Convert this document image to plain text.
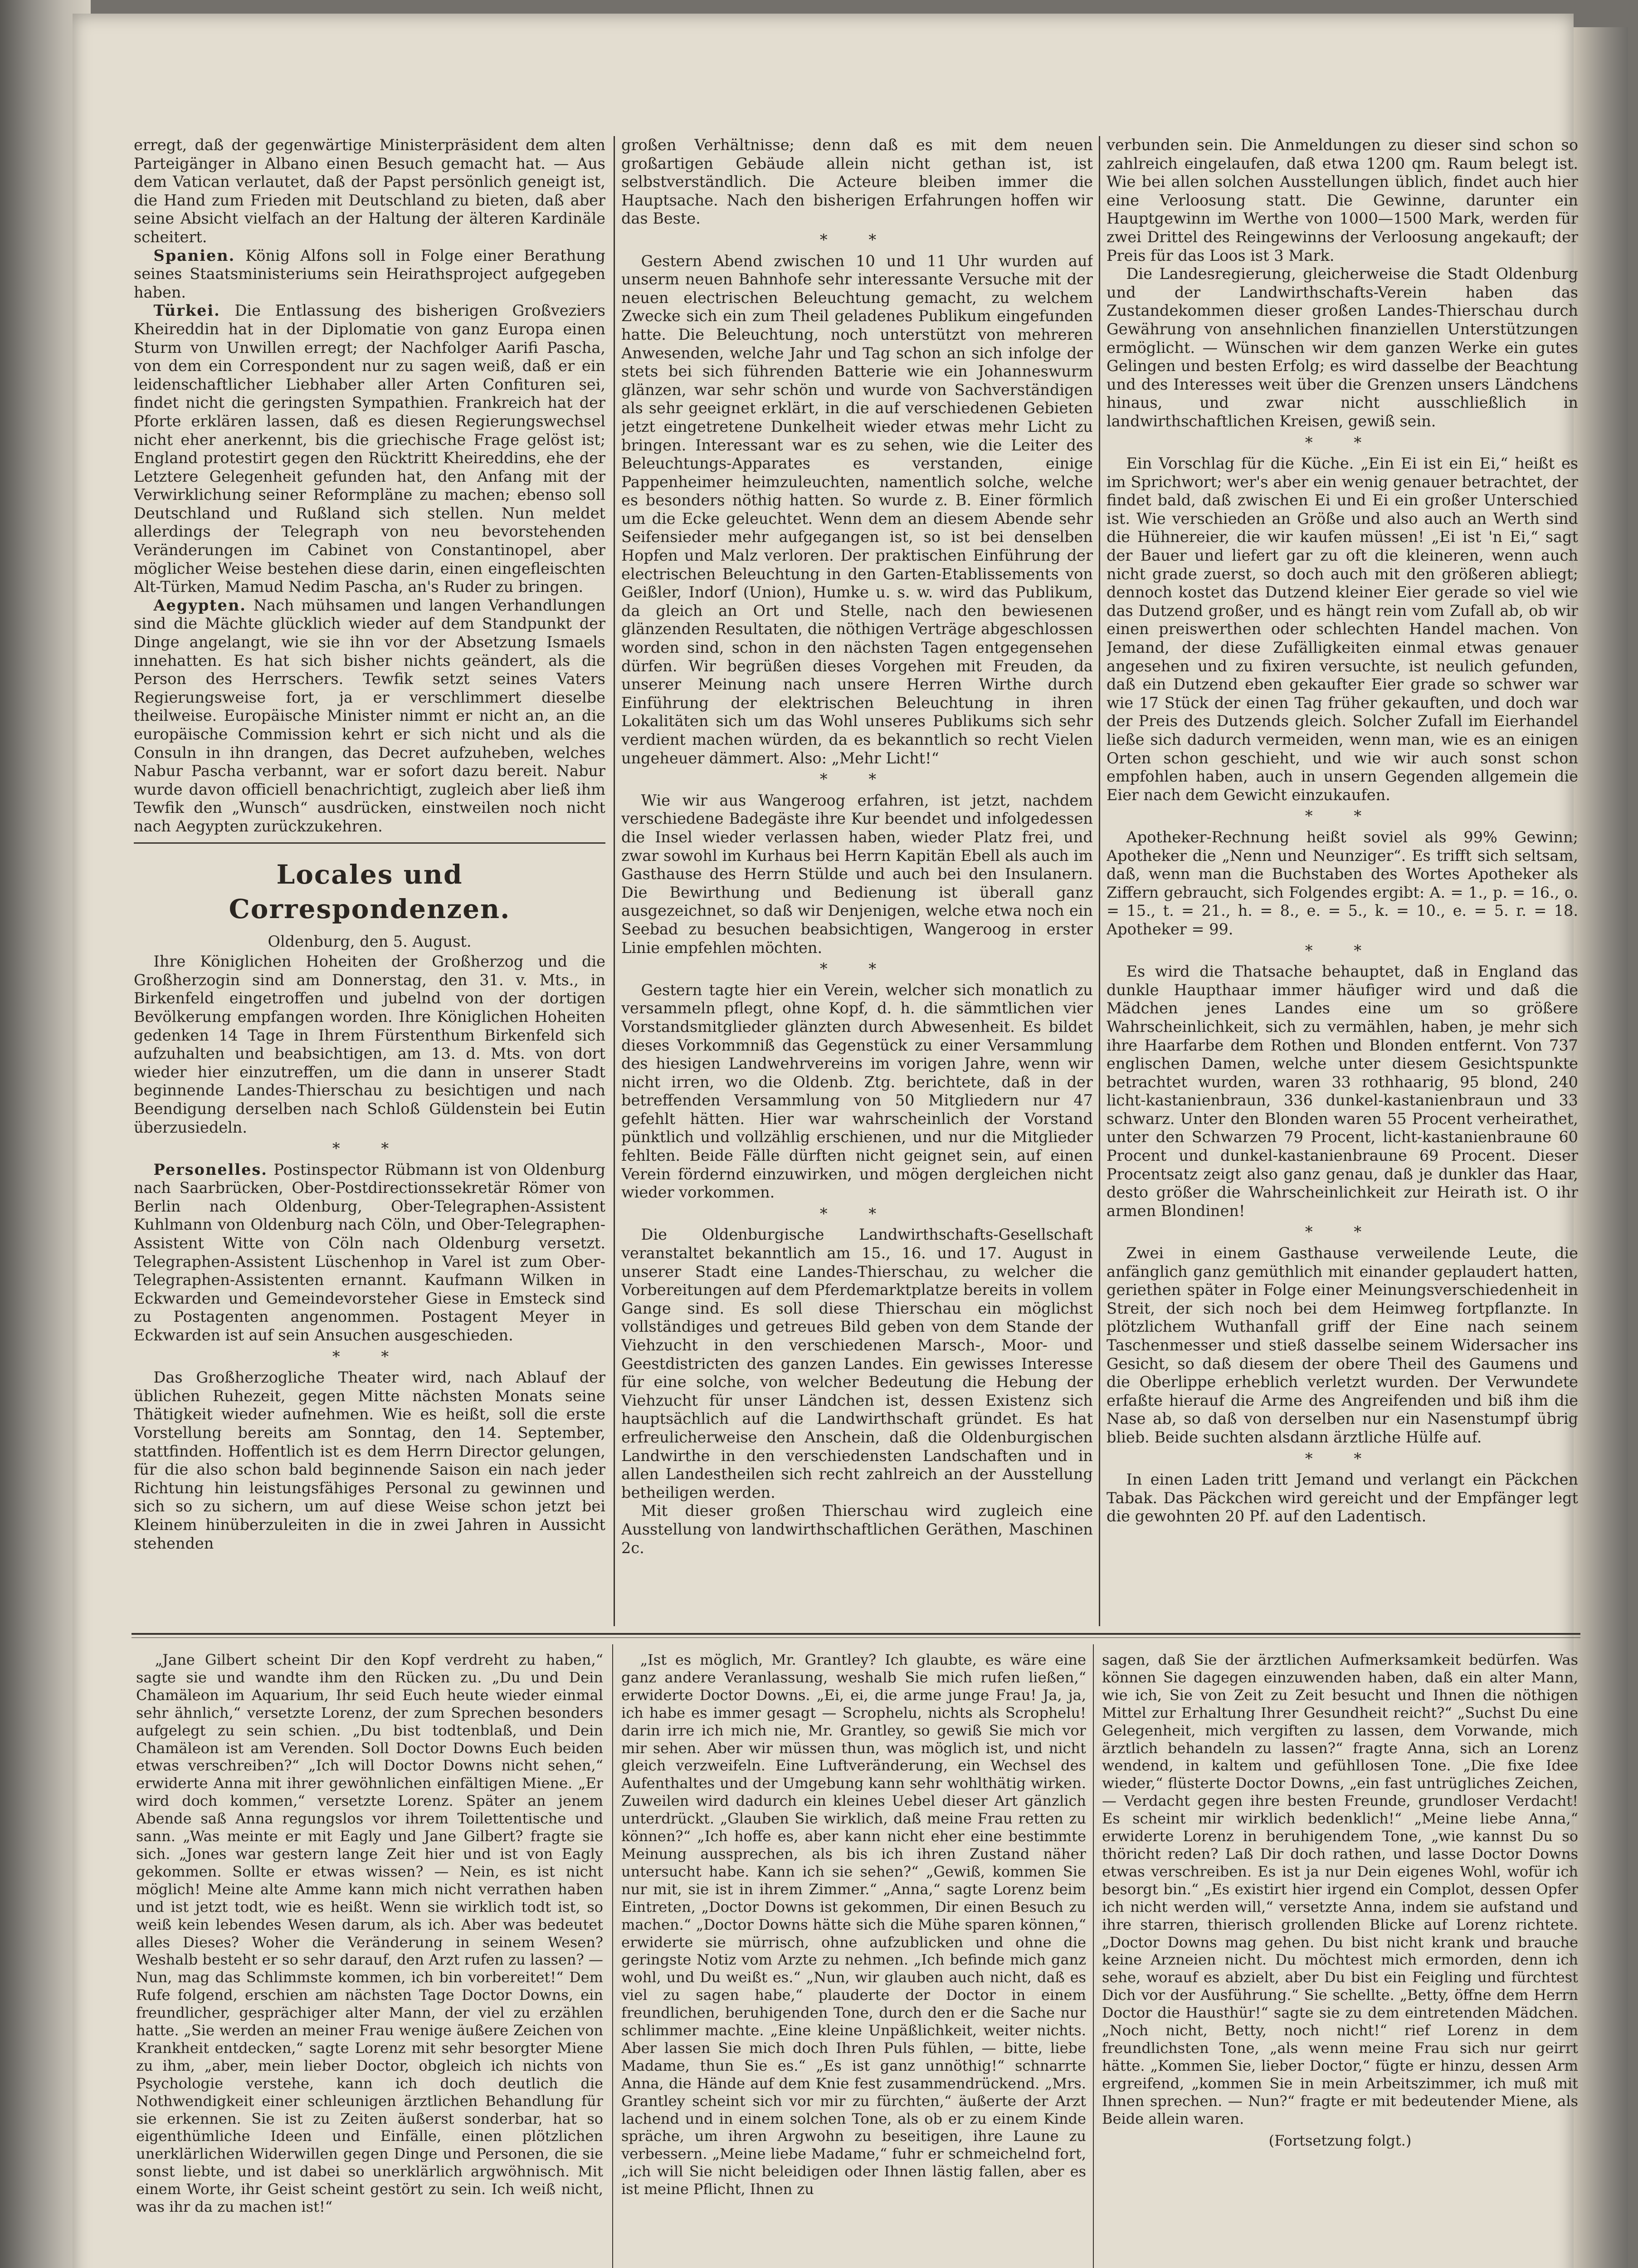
erregt, daß der gegenwärtige Ministerpräsident dem alten Parteigänger in Albano einen Besuch gemacht hat. — Aus dem Vatican verlautet, daß der Papst persönlich geneigt ist, die Hand zum Frieden mit Deutschland zu bieten, daß aber seine Absicht vielfach an der Haltung der älteren Kardinäle scheitert.

Spanien. König Alfons soll in Folge einer Berathung seines Staatsministeriums sein Heirathsproject aufgegeben haben.

Türkei. Die Entlassung des bisherigen Großveziers Kheireddin hat in der Diplomatie von ganz Europa einen Sturm von Unwillen erregt; der Nachfolger Aarifi Pascha, von dem ein Correspondent nur zu sagen weiß, daß er ein leidenschaftlicher Liebhaber aller Arten Confituren sei, findet nicht die geringsten Sympathien. Frankreich hat der Pforte erklären lassen, daß es diesen Regierungswechsel nicht eher anerkennt, bis die griechische Frage gelöst ist; England protestirt gegen den Rücktritt Kheireddins, ehe der Letztere Gelegenheit gefunden hat, den Anfang mit der Verwirklichung seiner Reformpläne zu machen; ebenso soll Deutschland und Rußland sich stellen. Nun meldet allerdings der Telegraph von neu bevorstehenden Veränderungen im Cabinet von Constantinopel, aber möglicher Weise bestehen diese darin, einen eingefleischten Alt-Türken, Mamud Nedim Pascha, an's Ruder zu bringen.

Aegypten. Nach mühsamen und langen Verhandlungen sind die Mächte glücklich wieder auf dem Standpunkt der Dinge angelangt, wie sie ihn vor der Absetzung Ismaels innehatten. Es hat sich bisher nichts geändert, als die Person des Herrschers. Tewfik setzt seines Vaters Regierungsweise fort, ja er verschlimmert dieselbe theilweise. Europäische Minister nimmt er nicht an, an die europäische Commission kehrt er sich nicht und als die Consuln in ihn drangen, das Decret aufzuheben, welches Nabur Pascha verbannt, war er sofort dazu bereit. Nabur wurde davon officiell benachrichtigt, zugleich aber ließ ihm Tewfik den „Wunsch“ ausdrücken, einstweilen noch nicht nach Aegypten zurückzukehren.

Locales und Correspondenzen.
Oldenburg, den 5. August.

Ihre Königlichen Hoheiten der Großherzog und die Großherzogin sind am Donnerstag, den 31. v. Mts., in Birkenfeld eingetroffen und jubelnd von der dortigen Bevölkerung empfangen worden. Ihre Königlichen Hoheiten gedenken 14 Tage in Ihrem Fürstenthum Birkenfeld sich aufzuhalten und beabsichtigen, am 13. d. Mts. von dort wieder hier einzutreffen, um die dann in unserer Stadt beginnende Landes-Thierschau zu besichtigen und nach Beendigung derselben nach Schloß Güldenstein bei Eutin überzusiedeln.

* *

Personelles. Postinspector Rübmann ist von Oldenburg nach Saarbrücken, Ober-Postdirectionssekretär Römer von Berlin nach Oldenburg, Ober-Telegraphen-Assistent Kuhlmann von Oldenburg nach Cöln, und Ober-Telegraphen-Assistent Witte von Cöln nach Oldenburg versetzt. Telegraphen-Assistent Lüschenhop in Varel ist zum Ober-Telegraphen-Assistenten ernannt. Kaufmann Wilken in Eckwarden und Gemeindevorsteher Giese in Emsteck sind zu Postagenten angenommen. Postagent Meyer in Eckwarden ist auf sein Ansuchen ausgeschieden.

* *

Das Großherzogliche Theater wird, nach Ablauf der üblichen Ruhezeit, gegen Mitte nächsten Monats seine Thätigkeit wieder aufnehmen. Wie es heißt, soll die erste Vorstellung bereits am Sonntag, den 14. September, stattfinden. Hoffentlich ist es dem Herrn Director gelungen, für die also schon bald beginnende Saison ein nach jeder Richtung hin leistungsfähiges Personal zu gewinnen und sich so zu sichern, um auf diese Weise schon jetzt bei Kleinem hinüberzuleiten in die in zwei Jahren in Aussicht stehenden

großen Verhältnisse; denn daß es mit dem neuen großartigen Gebäude allein nicht gethan ist, ist selbstverständlich. Die Acteure bleiben immer die Hauptsache. Nach den bisherigen Erfahrungen hoffen wir das Beste.

* *

Gestern Abend zwischen 10 und 11 Uhr wurden auf unserm neuen Bahnhofe sehr interessante Versuche mit der neuen electrischen Beleuchtung gemacht, zu welchem Zwecke sich ein zum Theil geladenes Publikum eingefunden hatte. Die Beleuchtung, noch unterstützt von mehreren Anwesenden, welche Jahr und Tag schon an sich infolge der stets bei sich führenden Batterie wie ein Johanneswurm glänzen, war sehr schön und wurde von Sachverständigen als sehr geeignet erklärt, in die auf verschiedenen Gebieten jetzt eingetretene Dunkelheit wieder etwas mehr Licht zu bringen. Interessant war es zu sehen, wie die Leiter des Beleuchtungs-Apparates es verstanden, einige Pappenheimer heimzuleuchten, namentlich solche, welche es besonders nöthig hatten. So wurde z. B. Einer förmlich um die Ecke geleuchtet. Wenn dem an diesem Abende sehr Seifensieder mehr aufgegangen ist, so ist bei denselben Hopfen und Malz verloren. Der praktischen Einführung der electrischen Beleuchtung in den Garten-Etablissements von Geißler, Indorf (Union), Humke u. s. w. wird das Publikum, da gleich an Ort und Stelle, nach den bewiesenen glänzenden Resultaten, die nöthigen Verträge abgeschlossen worden sind, schon in den nächsten Tagen entgegensehen dürfen. Wir begrüßen dieses Vorgehen mit Freuden, da unserer Meinung nach unsere Herren Wirthe durch Einführung der elektrischen Beleuchtung in ihren Lokalitäten sich um das Wohl unseres Publikums sich sehr verdient machen würden, da es bekanntlich so recht Vielen ungeheuer dämmert. Also: „Mehr Licht!“

* *

Wie wir aus Wangeroog erfahren, ist jetzt, nachdem verschiedene Badegäste ihre Kur beendet und infolgedessen die Insel wieder verlassen haben, wieder Platz frei, und zwar sowohl im Kurhaus bei Herrn Kapitän Ebell als auch im Gasthause des Herrn Stülde und auch bei den Insulanern. Die Bewirthung und Bedienung ist überall ganz ausgezeichnet, so daß wir Denjenigen, welche etwa noch ein Seebad zu besuchen beabsichtigen, Wangeroog in erster Linie empfehlen möchten.

* *

Gestern tagte hier ein Verein, welcher sich monatlich zu versammeln pflegt, ohne Kopf, d. h. die sämmtlichen vier Vorstandsmitglieder glänzten durch Abwesenheit. Es bildet dieses Vorkommniß das Gegenstück zu einer Versammlung des hiesigen Landwehrvereins im vorigen Jahre, wenn wir nicht irren, wo die Oldenb. Ztg. berichtete, daß in der betreffenden Versammlung von 50 Mitgliedern nur 47 gefehlt hätten. Hier war wahrscheinlich der Vorstand pünktlich und vollzählig erschienen, und nur die Mitglieder fehlten. Beide Fälle dürften nicht geignet sein, auf einen Verein fördernd einzuwirken, und mögen dergleichen nicht wieder vorkommen.

* *

Die Oldenburgische Landwirthschafts-Gesellschaft veranstaltet bekanntlich am 15., 16. und 17. August in unserer Stadt eine Landes-Thierschau, zu welcher die Vorbereitungen auf dem Pferdemarktplatze bereits in vollem Gange sind. Es soll diese Thierschau ein möglichst vollständiges und getreues Bild geben von dem Stande der Viehzucht in den verschiedenen Marsch-, Moor- und Geestdistricten des ganzen Landes. Ein gewisses Interesse für eine solche, von welcher Bedeutung die Hebung der Viehzucht für unser Ländchen ist, dessen Existenz sich hauptsächlich auf die Landwirthschaft gründet. Es hat erfreulicherweise den Anschein, daß die Oldenburgischen Landwirthe in den verschiedensten Landschaften und in allen Landestheilen sich recht zahlreich an der Ausstellung betheiligen werden.

Mit dieser großen Thierschau wird zugleich eine Ausstellung von landwirthschaftlichen Geräthen, Maschinen 2c.

verbunden sein. Die Anmeldungen zu dieser sind schon so zahlreich eingelaufen, daß etwa 1200 qm. Raum belegt ist. Wie bei allen solchen Ausstellungen üblich, findet auch hier eine Verloosung statt. Die Gewinne, darunter ein Hauptgewinn im Werthe von 1000—1500 Mark, werden für zwei Drittel des Reingewinns der Verloosung angekauft; der Preis für das Loos ist 3 Mark.

Die Landesregierung, gleicherweise die Stadt Oldenburg und der Landwirthschafts-Verein haben das Zustandekommen dieser großen Landes-Thierschau durch Gewährung von ansehnlichen finanziellen Unterstützungen ermöglicht. — Wünschen wir dem ganzen Werke ein gutes Gelingen und besten Erfolg; es wird dasselbe der Beachtung und des Interesses weit über die Grenzen unsers Ländchens hinaus, und zwar nicht ausschließlich in landwirthschaftlichen Kreisen, gewiß sein.

* *

Ein Vorschlag für die Küche. „Ein Ei ist ein Ei,“ heißt es im Sprichwort; wer's aber ein wenig genauer betrachtet, der findet bald, daß zwischen Ei und Ei ein großer Unterschied ist. Wie verschieden an Größe und also auch an Werth sind die Hühnereier, die wir kaufen müssen! „Ei ist 'n Ei,“ sagt der Bauer und liefert gar zu oft die kleineren, wenn auch nicht grade zuerst, so doch auch mit den größeren abliegt; dennoch kostet das Dutzend kleiner Eier gerade so viel wie das Dutzend großer, und es hängt rein vom Zufall ab, ob wir einen preiswerthen oder schlechten Handel machen. Von Jemand, der diese Zufälligkeiten einmal etwas genauer angesehen und zu fixiren versuchte, ist neulich gefunden, daß ein Dutzend eben gekaufter Eier grade so schwer war wie 17 Stück der einen Tag früher gekauften, und doch war der Preis des Dutzends gleich. Solcher Zufall im Eierhandel ließe sich dadurch vermeiden, wenn man, wie es an einigen Orten schon geschieht, und wie wir auch sonst schon empfohlen haben, auch in unsern Gegenden allgemein die Eier nach dem Gewicht einzukaufen.

* *

Apotheker-Rechnung heißt soviel als 99% Gewinn; Apotheker die „Nenn und Neunziger“. Es trifft sich seltsam, daß, wenn man die Buchstaben des Wortes Apotheker als Ziffern gebraucht, sich Folgendes ergibt: A. = 1., p. = 16., o. = 15., t. = 21., h. = 8., e. = 5., k. = 10., e. = 5. r. = 18. Apotheker = 99.

* *

Es wird die Thatsache behauptet, daß in England das dunkle Haupthaar immer häufiger wird und daß die Mädchen jenes Landes eine um so größere Wahrscheinlichkeit, sich zu vermählen, haben, je mehr sich ihre Haarfarbe dem Rothen und Blonden entfernt. Von 737 englischen Damen, welche unter diesem Gesichtspunkte betrachtet wurden, waren 33 rothhaarig, 95 blond, 240 licht-kastanienbraun, 336 dunkel-kastanienbraun und 33 schwarz. Unter den Blonden waren 55 Procent verheirathet, unter den Schwarzen 79 Procent, licht-kastanienbraune 60 Procent und dunkel-kastanienbraune 69 Procent. Dieser Procentsatz zeigt also ganz genau, daß je dunkler das Haar, desto größer die Wahrscheinlichkeit zur Heirath ist. O ihr armen Blondinen!

* *

Zwei in einem Gasthause verweilende Leute, die anfänglich ganz gemüthlich mit einander geplaudert hatten, geriethen später in Folge einer Meinungsverschiedenheit in Streit, der sich noch bei dem Heimweg fortpflanzte. In plötzlichem Wuthanfall griff der Eine nach seinem Taschenmesser und stieß dasselbe seinem Widersacher ins Gesicht, so daß diesem der obere Theil des Gaumens und die Oberlippe erheblich verletzt wurden. Der Verwundete erfaßte hierauf die Arme des Angreifenden und biß ihm die Nase ab, so daß von derselben nur ein Nasenstumpf übrig blieb. Beide suchten alsdann ärztliche Hülfe auf.

* *

In einen Laden tritt Jemand und verlangt ein Päckchen Tabak. Das Päckchen wird gereicht und der Empfänger legt die gewohnten 20 Pf. auf den Ladentisch.

„Jane Gilbert scheint Dir den Kopf verdreht zu haben,“ sagte sie und wandte ihm den Rücken zu. „Du und Dein Chamäleon im Aquarium, Ihr seid Euch heute wieder einmal sehr ähnlich,“ versetzte Lorenz, der zum Sprechen besonders aufgelegt zu sein schien. „Du bist todtenblaß, und Dein Chamäleon ist am Verenden. Soll Doctor Downs Euch beiden etwas verschreiben?“ „Ich will Doctor Downs nicht sehen,“ erwiderte Anna mit ihrer gewöhnlichen einfältigen Miene. „Er wird doch kommen,“ versetzte Lorenz. Später an jenem Abende saß Anna regungslos vor ihrem Toilettentische und sann. „Was meinte er mit Eagly und Jane Gilbert? fragte sie sich. „Jones war gestern lange Zeit hier und ist von Eagly gekommen. Sollte er etwas wissen? — Nein, es ist nicht möglich! Meine alte Amme kann mich nicht verrathen haben und ist jetzt todt, wie es heißt. Wenn sie wirklich todt ist, so weiß kein lebendes Wesen darum, als ich. Aber was bedeutet alles Dieses? Woher die Veränderung in seinem Wesen? Weshalb besteht er so sehr darauf, den Arzt rufen zu lassen? — Nun, mag das Schlimmste kommen, ich bin vorbereitet!“ Dem Rufe folgend, erschien am nächsten Tage Doctor Downs, ein freundlicher, gesprächiger alter Mann, der viel zu erzählen hatte. „Sie werden an meiner Frau wenige äußere Zeichen von Krankheit entdecken,“ sagte Lorenz mit sehr besorgter Miene zu ihm, „aber, mein lieber Doctor, obgleich ich nichts von Psychologie verstehe, kann ich doch deutlich die Nothwendigkeit einer schleunigen ärztlichen Behandlung für sie erkennen. Sie ist zu Zeiten äußerst sonderbar, hat so eigenthümliche Ideen und Einfälle, einen plötzlichen unerklärlichen Widerwillen gegen Dinge und Personen, die sie sonst liebte, und ist dabei so unerklärlich argwöhnisch. Mit einem Worte, ihr Geist scheint gestört zu sein. Ich weiß nicht, was ihr da zu machen ist!“

„Ist es möglich, Mr. Grantley? Ich glaubte, es wäre eine ganz andere Veranlassung, weshalb Sie mich rufen ließen,“ erwiderte Doctor Downs. „Ei, ei, die arme junge Frau! Ja, ja, ich habe es immer gesagt — Scrophelu, nichts als Scrophelu! darin irre ich mich nie, Mr. Grantley, so gewiß Sie mich vor mir sehen. Aber wir müssen thun, was möglich ist, und nicht gleich verzweifeln. Eine Luftveränderung, ein Wechsel des Aufenthaltes und der Umgebung kann sehr wohlthätig wirken. Zuweilen wird dadurch ein kleines Uebel dieser Art gänzlich unterdrückt. „Glauben Sie wirklich, daß meine Frau retten zu können?“ „Ich hoffe es, aber kann nicht eher eine bestimmte Meinung aussprechen, als bis ich ihren Zustand näher untersucht habe. Kann ich sie sehen?“ „Gewiß, kommen Sie nur mit, sie ist in ihrem Zimmer.“ „Anna,“ sagte Lorenz beim Eintreten, „Doctor Downs ist gekommen, Dir einen Besuch zu machen.“ „Doctor Downs hätte sich die Mühe sparen können,“ erwiderte sie mürrisch, ohne aufzublicken und ohne die geringste Notiz vom Arzte zu nehmen. „Ich befinde mich ganz wohl, und Du weißt es.“ „Nun, wir glauben auch nicht, daß es viel zu sagen habe,“ plauderte der Doctor in einem freundlichen, beruhigenden Tone, durch den er die Sache nur schlimmer machte. „Eine kleine Unpäßlichkeit, weiter nichts. Aber lassen Sie mich doch Ihren Puls fühlen, — bitte, liebe Madame, thun Sie es.“ „Es ist ganz unnöthig!“ schnarrte Anna, die Hände auf dem Knie fest zusammendrückend. „Mrs. Grantley scheint sich vor mir zu fürchten,“ äußerte der Arzt lachend und in einem solchen Tone, als ob er zu einem Kinde spräche, um ihren Argwohn zu beseitigen, ihre Laune zu verbessern. „Meine liebe Madame,“ fuhr er schmeichelnd fort, „ich will Sie nicht beleidigen oder Ihnen lästig fallen, aber es ist meine Pflicht, Ihnen zu

sagen, daß Sie der ärztlichen Aufmerksamkeit bedürfen. Was können Sie dagegen einzuwenden haben, daß ein alter Mann, wie ich, Sie von Zeit zu Zeit besucht und Ihnen die nöthigen Mittel zur Erhaltung Ihrer Gesundheit reicht?“ „Suchst Du eine Gelegenheit, mich vergiften zu lassen, dem Vorwande, mich ärztlich behandeln zu lassen?“ fragte Anna, sich an Lorenz wendend, in kaltem und gefühllosen Tone. „Die fixe Idee wieder,“ flüsterte Doctor Downs, „ein fast untrügliches Zeichen, — Verdacht gegen ihre besten Freunde, grundloser Verdacht! Es scheint mir wirklich bedenklich!“ „Meine liebe Anna,“ erwiderte Lorenz in beruhigendem Tone, „wie kannst Du so thöricht reden? Laß Dir doch rathen, und lasse Doctor Downs etwas verschreiben. Es ist ja nur Dein eigenes Wohl, wofür ich besorgt bin.“ „Es existirt hier irgend ein Complot, dessen Opfer ich nicht werden will,“ versetzte Anna, indem sie aufstand und ihre starren, thierisch grollenden Blicke auf Lorenz richtete. „Doctor Downs mag gehen. Du bist nicht krank und brauche keine Arzneien nicht. Du möchtest mich ermorden, denn ich sehe, worauf es abzielt, aber Du bist ein Feigling und fürchtest Dich vor der Ausführung.“ Sie schellte. „Betty, öffne dem Herrn Doctor die Hausthür!“ sagte sie zu dem eintretenden Mädchen. „Noch nicht, Betty, noch nicht!“ rief Lorenz in dem freundlichsten Tone, „als wenn meine Frau sich nur geirrt hätte. „Kommen Sie, lieber Doctor,“ fügte er hinzu, dessen Arm ergreifend, „kommen Sie in mein Arbeitszimmer, ich muß mit Ihnen sprechen. — Nun?“ fragte er mit bedeutender Miene, als Beide allein waren.

(Fortsetzung folgt.)
